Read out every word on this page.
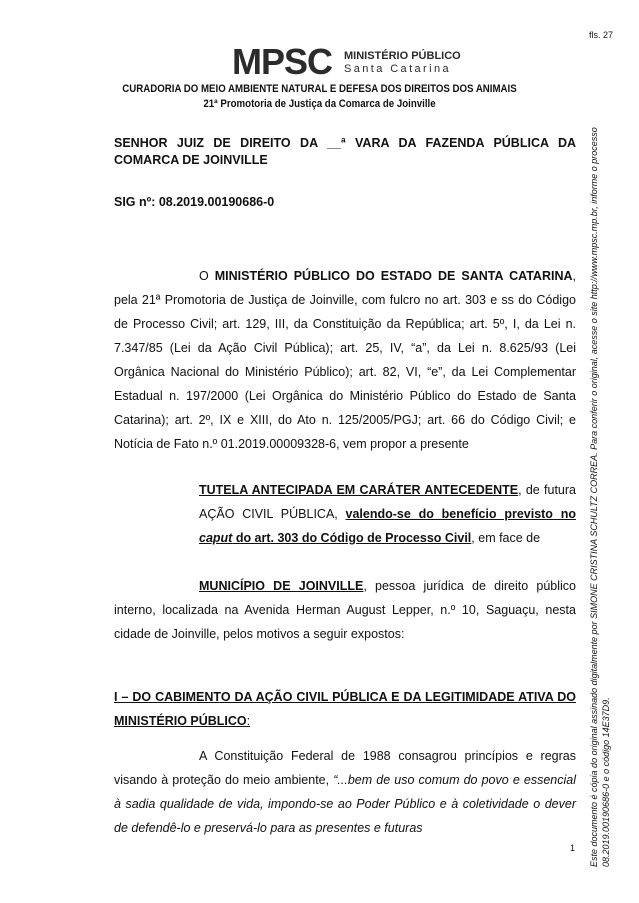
fls. 27
MPSC MINISTÉRIO PÚBLICO
Santa Catarina
CURADORIA DO MEIO AMBIENTE NATURAL E DEFESA DOS DIREITOS DOS ANIMAIS
21ª Promotoria de Justiça da Comarca de Joinville
SENHOR JUIZ DE DIREITO DA __ª VARA DA FAZENDA PÚBLICA DA
COMARCA DE JOINVILLE
SIG nº: 08.2019.00190686-0
O MINISTÉRIO PÚBLICO DO ESTADO DE SANTA CATARINA, pela 21ª Promotoria de Justiça de Joinville, com fulcro no art. 303 e ss do Código de Processo Civil; art. 129, III, da Constituição da República; art. 5º, I, da Lei n. 7.347/85 (Lei da Ação Civil Pública); art. 25, IV, “a”, da Lei n. 8.625/93 (Lei Orgânica Nacional do Ministério Público); art. 82, VI, “e”, da Lei Complementar Estadual n. 197/2000 (Lei Orgânica do Ministério Público do Estado de Santa Catarina); art. 2º, IX e XIII, do Ato n. 125/2005/PGJ; art. 66 do Código Civil; e Notícia de Fato n.º 01.2019.00009328-6, vem propor a presente
TUTELA ANTECIPADA EM CARÁTER ANTECEDENTE, de futura AÇÃO CIVIL PÚBLICA, valendo-se do benefício previsto no caput do art. 303 do Código de Processo Civil, em face de
MUNICÍPIO DE JOINVILLE, pessoa jurídica de direito público interno, localizada na Avenida Herman August Lepper, n.º 10, Saguaçu, nesta cidade de Joinville, pelos motivos a seguir expostos:
I – DO CABIMENTO DA AÇÃO CIVIL PÚBLICA E DA LEGITIMIDADE ATIVA DO MINISTÉRIO PÚBLICO:
A Constituição Federal de 1988 consagrou princípios e regras visando à proteção do meio ambiente, “...bem de uso comum do povo e essencial à sadia qualidade de vida, impondo-se ao Poder Público e à coletividade o dever de defendê-lo e preservá-lo para as presentes e futuras
1 Este documento é cópia do original assinado digitalmente por SIMONE CRISTINA SCHULTZ CORREA. Para conferir o original, acesse o site http://www.mpsc.mp.br, informe o processo 08.2019.00190686-0 e o código 14E37D9.
